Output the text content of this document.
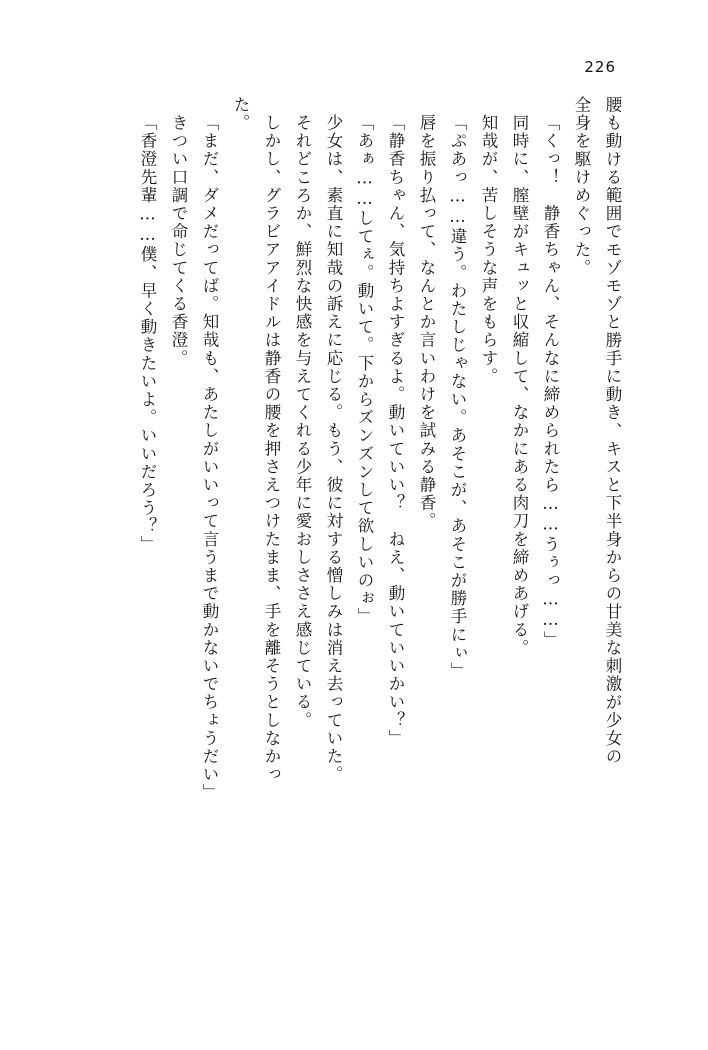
226
腰も動ける範囲でモゾモゾと勝手に動き、キスと下半身からの甘美な刺激が少女の
全身を駆けめぐった。
「くっ！　静香ちゃん、そんなに締められたら……うぅっ……」
同時に、膣壁がキュッと収縮して、なかにある肉刀を締めあげる。
知哉が、苦しそうな声をもらす。
「ぷあっ……違う。わたしじゃない。あそこが、あそこが勝手にぃ」
唇を振り払って、なんとか言いわけを試みる静香。
「静香ちゃん、気持ちよすぎるよ。動いていい？　ねえ、動いていいかい？」
「あぁ……してぇ。動いて。下からズンズンして欲しいのぉ」
少女は、素直に知哉の訴えに応じる。もう、彼に対する憎しみは消え去っていた。
それどころか、鮮烈な快感を与えてくれる少年に愛おしささえ感じている。
しかし、グラビアアイドルは静香の腰を押さえつけたまま、手を離そうとしなかっ
た。
「まだ、ダメだってば。知哉も、あたしがいいって言うまで動かないでちょうだい」
きつい口調で命じてくる香澄。
「香澄先輩……僕、早く動きたいよ。いいだろう？」
